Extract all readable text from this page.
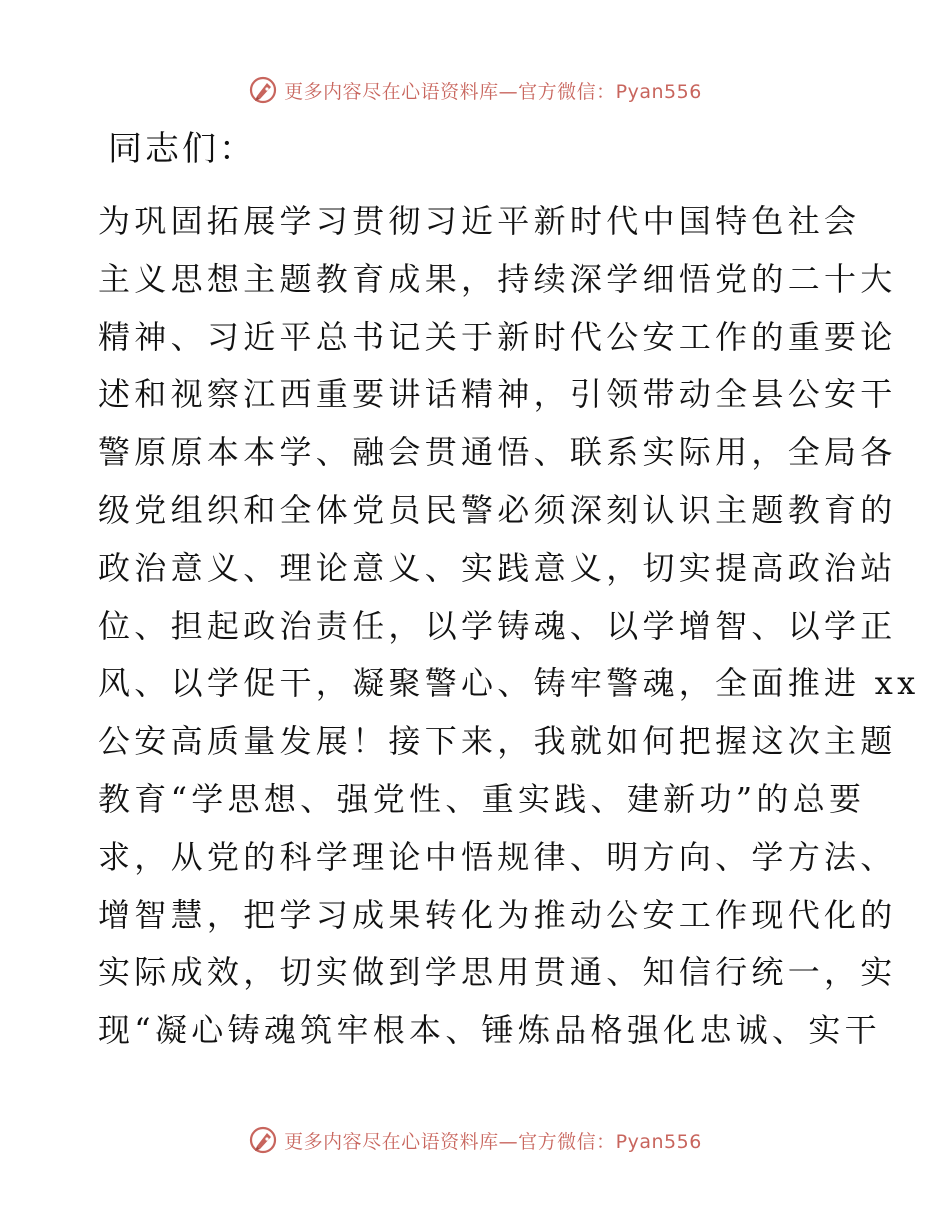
更多内容尽在心语资料库—官方微信：Pyan556
同志们：
为巩固拓展学习贯彻习近平新时代中国特色社会
主义思想主题教育成果，持续深学细悟党的二十大
精神、习近平总书记关于新时代公安工作的重要论
述和视察江西重要讲话精神，引领带动全县公安干
警原原本本学、融会贯通悟、联系实际用，全局各
级党组织和全体党员民警必须深刻认识主题教育的
政治意义、理论意义、实践意义，切实提高政治站
位、担起政治责任，以学铸魂、以学增智、以学正
风、以学促干，凝聚警心、铸牢警魂，全面推进 xx
公安高质量发展！接下来，我就如何把握这次主题
教育“学思想、强党性、重实践、建新功”的总要
求，从党的科学理论中悟规律、明方向、学方法、
增智慧，把学习成果转化为推动公安工作现代化的
实际成效，切实做到学思用贯通、知信行统一，实
现“凝心铸魂筑牢根本、锤炼品格强化忠诚、实干
更多内容尽在心语资料库—官方微信：Pyan556
